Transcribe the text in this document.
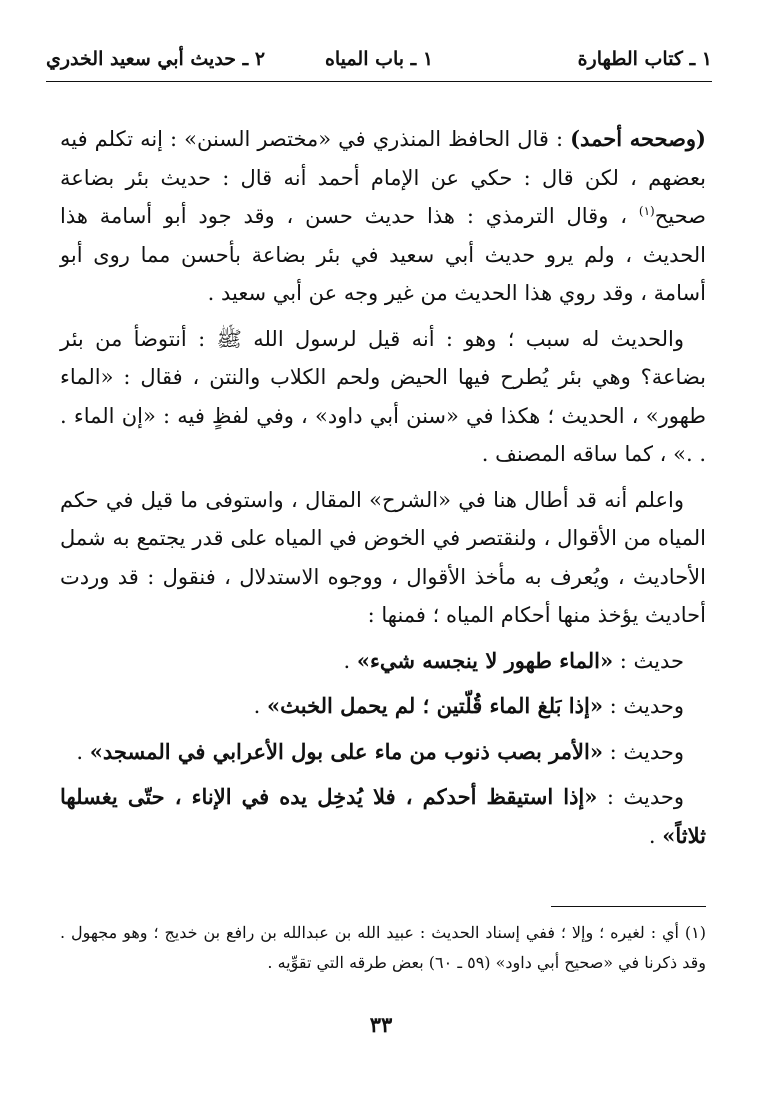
١ ـ كتاب الطهارة
١ ـ باب المياه
٢ ـ حديث أبي سعيد الخدري

(وصححه أحمد) : قال الحافظ المنذري في «مختصر السنن» : إنه تكلم فيه بعضهم ، لكن قال : حكي عن الإمام أحمد أنه قال : حديث بئر بضاعة صحيح$^{(١)}$ ، وقال الترمذي : هذا حديث حسن ، وقد جود أبو أسامة هذا الحديث ، ولم يرو حديث أبي سعيد في بئر بضاعة بأحسن مما روى أبو أسامة ، وقد روي هذا الحديث من غير وجه عن أبي سعيد .

والحديث له سبب ؛ وهو : أنه قيل لرسول الله ﷺ : أنتوضأ من بئر بضاعة؟ وهي بئر يُطرح فيها الحيض ولحم الكلاب والنتن ، فقال : «الماء طهور» ، الحديث ؛ هكذا في «سنن أبي داود» ، وفي لفظٍ فيه : «إن الماء . . .» ، كما ساقه المصنف .

واعلم أنه قد أطال هنا في «الشرح» المقال ، واستوفى ما قيل في حكم المياه من الأقوال ، ولنقتصر في الخوض في المياه على قدر يجتمع به شمل الأحاديث ، ويُعرف به مأخذ الأقوال ، ووجوه الاستدلال ، فنقول : قد وردت أحاديث يؤخذ منها أحكام المياه ؛ فمنها :

حديث : «الماء طهور لا ينجسه شيء» .

وحديث : «إذا بَلغ الماء قُلّتين ؛ لم يحمل الخبث» .

وحديث : «الأمر بصب ذنوب من ماء على بول الأعرابي في المسجد» .

وحديث : «إذا استيقظ أحدكم ، فلا يُدخِل يده في الإناء ، حتّى يغسلها ثلاثاً» .

(١) أي : لغيره ؛ وإلا ؛ ففي إسناد الحديث : عبيد الله بن عبدالله بن رافع بن خديج ؛ وهو مجهول . وقد ذكرنا في «صحيح أبي داود» (٥٩ ـ ٦٠) بعض طرقه التي تقوِّيه .

٣٣
